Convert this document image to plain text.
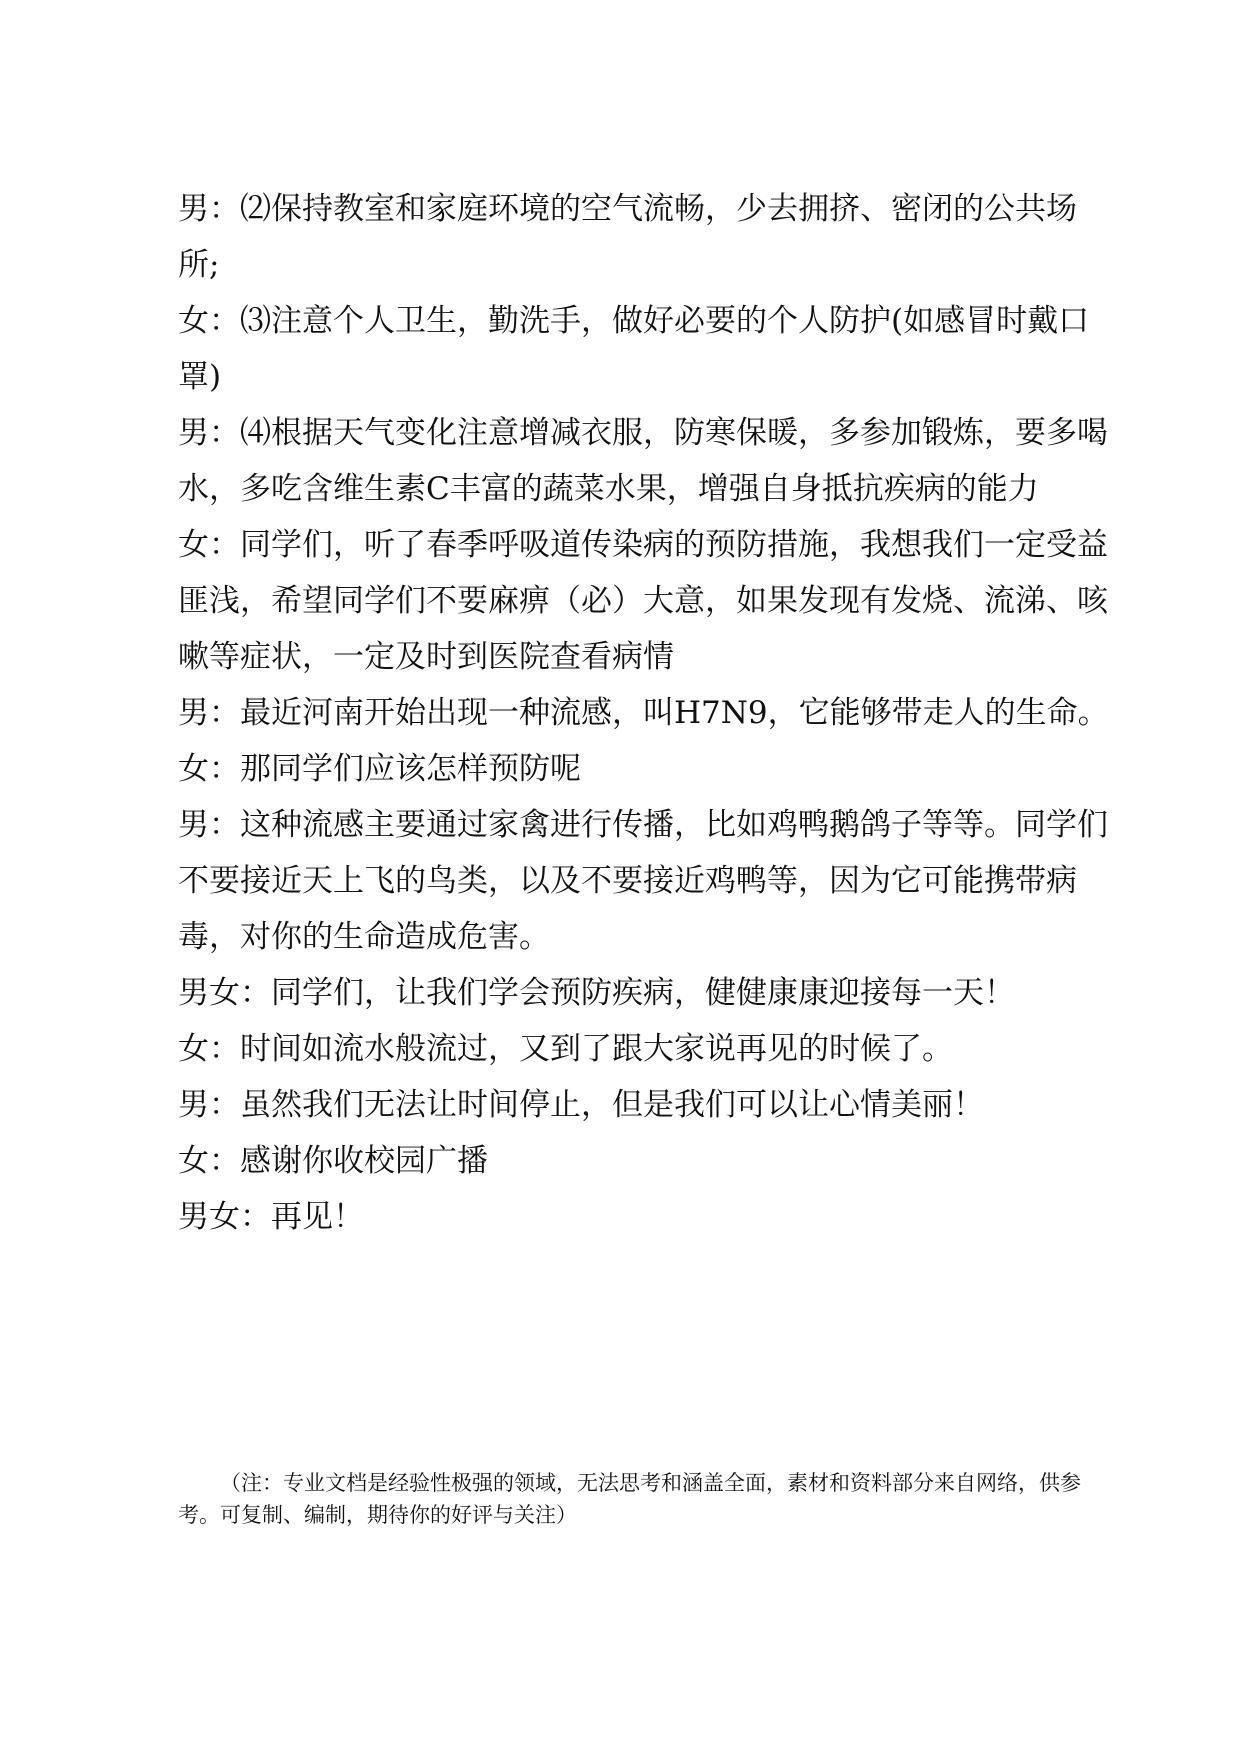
男：⑵保持教室和家庭环境的空气流畅，少去拥挤、密闭的公共场所;

女：⑶注意个人卫生，勤洗手，做好必要的个人防护(如感冒时戴口罩)

男：⑷根据天气变化注意增减衣服，防寒保暖，多参加锻炼，要多喝水，多吃含维生素C丰富的蔬菜水果，增强自身抵抗疾病的能力

女：同学们，听了春季呼吸道传染病的预防措施，我想我们一定受益匪浅，希望同学们不要麻痹（必）大意，如果发现有发烧、流涕、咳嗽等症状，一定及时到医院查看病情

男：最近河南开始出现一种流感，叫H7N9，它能够带走人的生命。

女：那同学们应该怎样预防呢

男：这种流感主要通过家禽进行传播，比如鸡鸭鹅鸽子等等。同学们不要接近天上飞的鸟类，以及不要接近鸡鸭等，因为它可能携带病毒，对你的生命造成危害。

男女：同学们，让我们学会预防疾病，健健康康迎接每一天！

女：时间如流水般流过，又到了跟大家说再见的时候了。

男：虽然我们无法让时间停止，但是我们可以让心情美丽！

女：感谢你收校园广播

男女：再见！

（注：专业文档是经验性极强的领域，无法思考和涵盖全面，素材和资料部分来自网络，供参考。可复制、编制，期待你的好评与关注）
